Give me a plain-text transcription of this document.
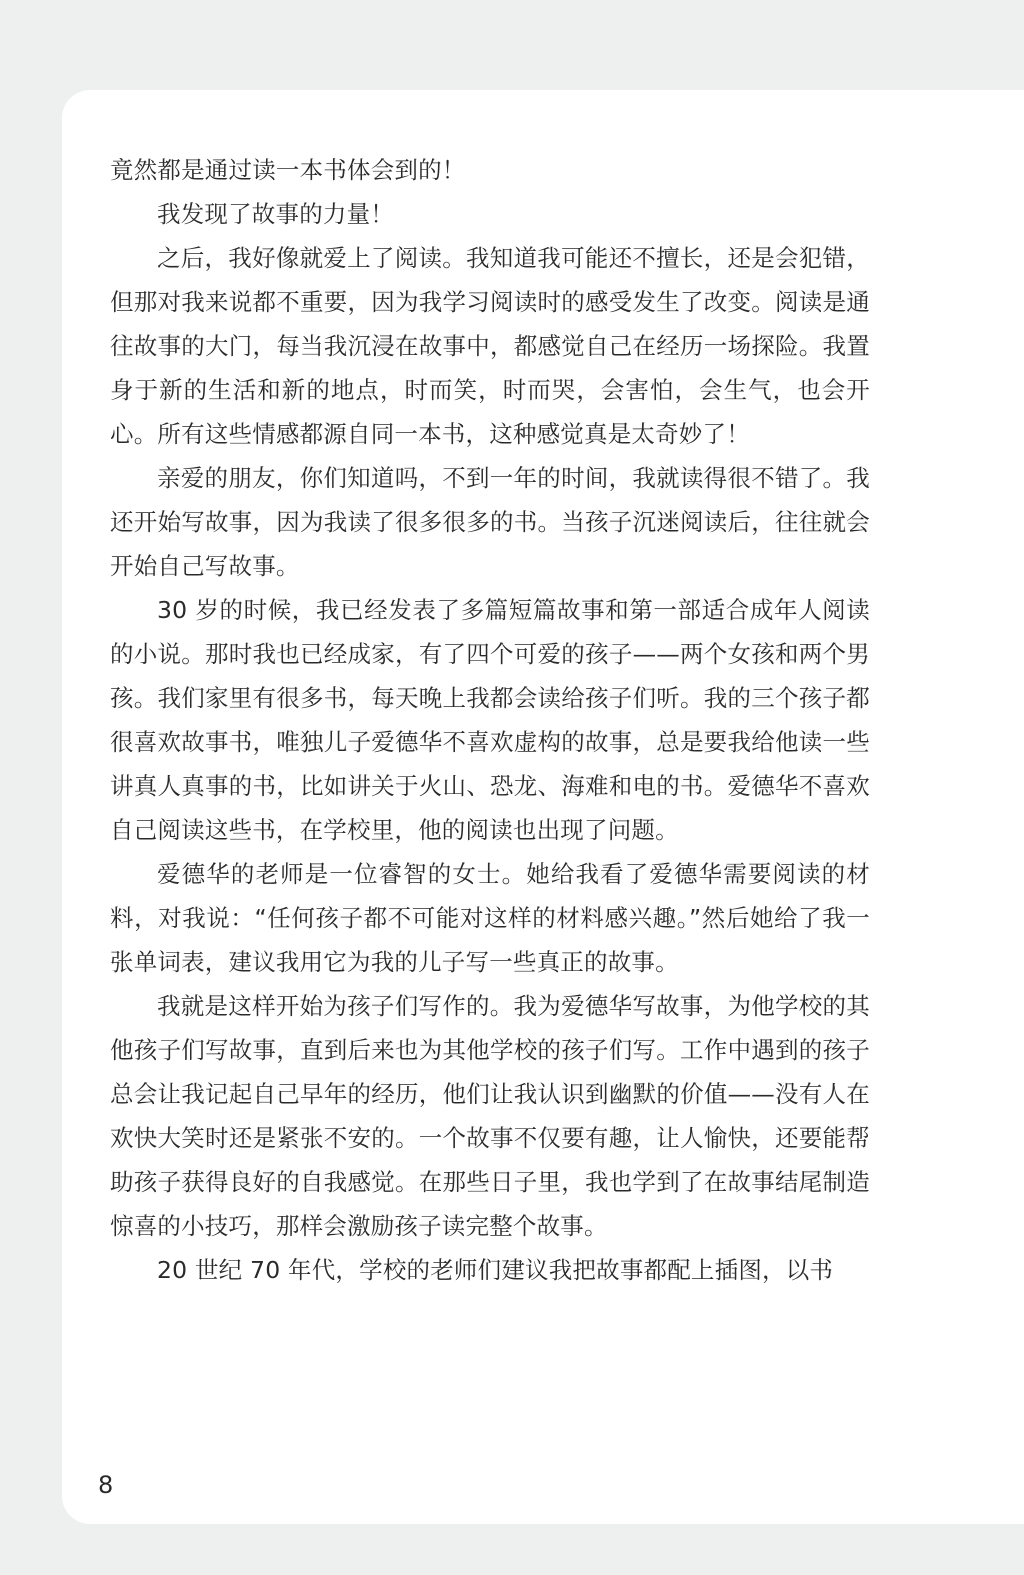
竟然都是通过读一本书体会到的！

我发现了故事的力量！

之后，我好像就爱上了阅读。我知道我可能还不擅长，还是会犯错，但那对我来说都不重要，因为我学习阅读时的感受发生了改变。阅读是通往故事的大门，每当我沉浸在故事中，都感觉自己在经历一场探险。我置身于新的生活和新的地点，时而笑，时而哭，会害怕，会生气，也会开心。所有这些情感都源自同一本书，这种感觉真是太奇妙了！

亲爱的朋友，你们知道吗，不到一年的时间，我就读得很不错了。我还开始写故事，因为我读了很多很多的书。当孩子沉迷阅读后，往往就会开始自己写故事。

30 岁的时候，我已经发表了多篇短篇故事和第一部适合成年人阅读的小说。那时我也已经成家，有了四个可爱的孩子——两个女孩和两个男孩。我们家里有很多书，每天晚上我都会读给孩子们听。我的三个孩子都很喜欢故事书，唯独儿子爱德华不喜欢虚构的故事，总是要我给他读一些讲真人真事的书，比如讲关于火山、恐龙、海难和电的书。爱德华不喜欢自己阅读这些书，在学校里，他的阅读也出现了问题。

爱德华的老师是一位睿智的女士。她给我看了爱德华需要阅读的材料，对我说：“任何孩子都不可能对这样的材料感兴趣。”然后她给了我一张单词表，建议我用它为我的儿子写一些真正的故事。

我就是这样开始为孩子们写作的。我为爱德华写故事，为他学校的其他孩子们写故事，直到后来也为其他学校的孩子们写。工作中遇到的孩子总会让我记起自己早年的经历，他们让我认识到幽默的价值——没有人在欢快大笑时还是紧张不安的。一个故事不仅要有趣，让人愉快，还要能帮助孩子获得良好的自我感觉。在那些日子里，我也学到了在故事结尾制造惊喜的小技巧，那样会激励孩子读完整个故事。

20 世纪 70 年代，学校的老师们建议我把故事都配上插图，以书

8
